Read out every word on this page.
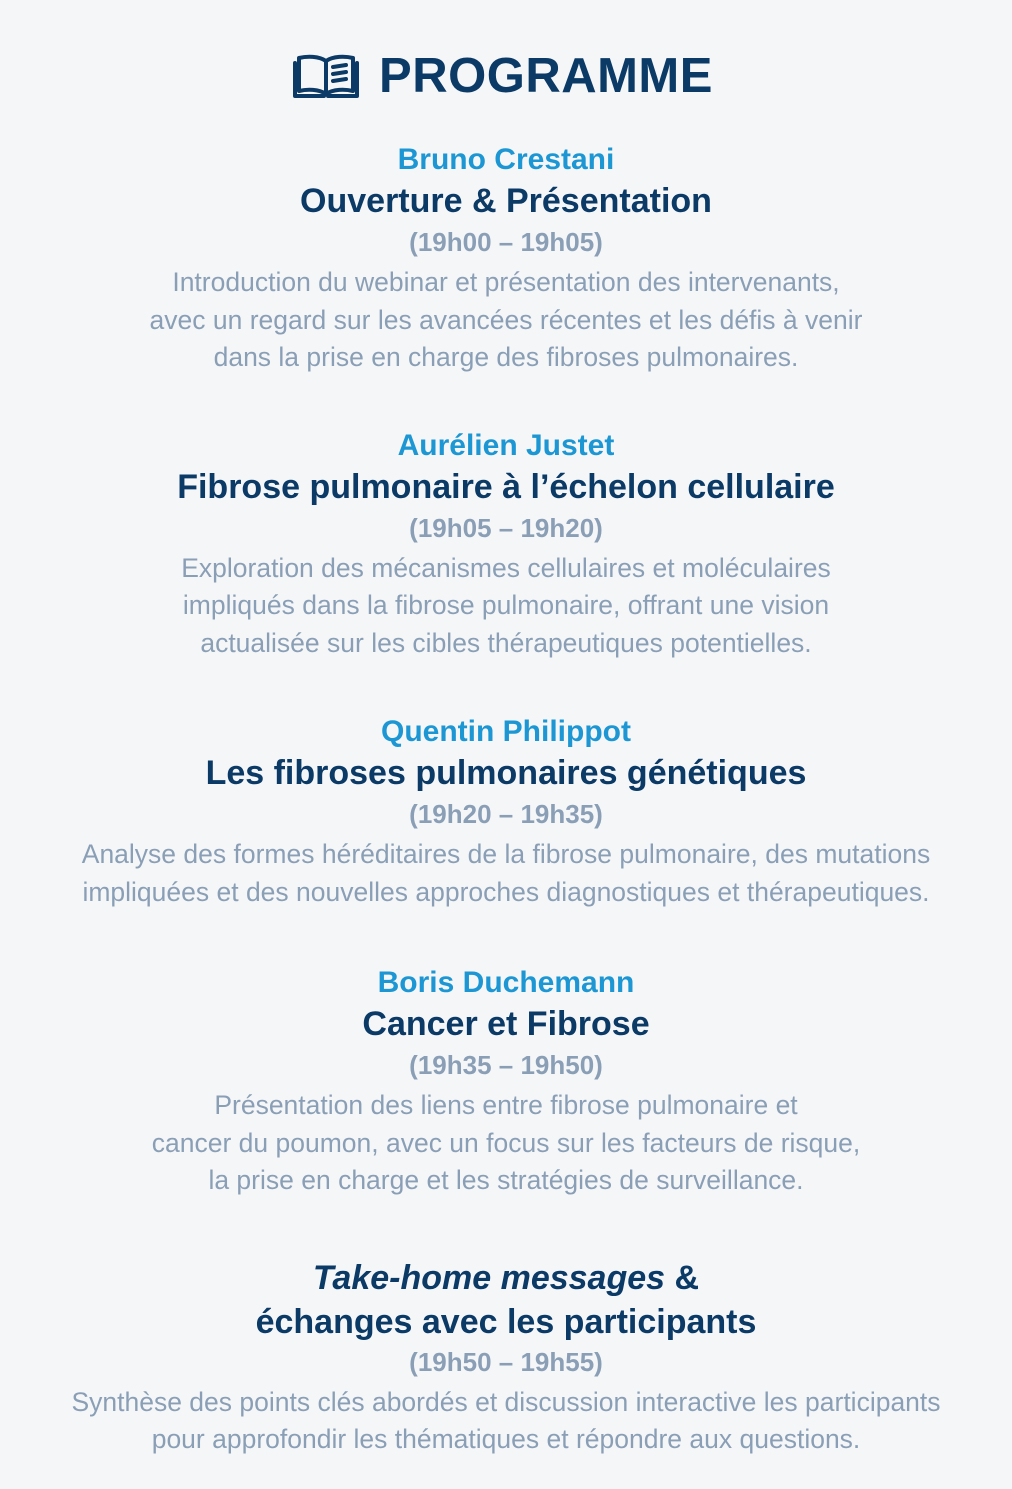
PROGRAMME
Bruno Crestani
Ouverture & Présentation
(19h00 – 19h05)
Introduction du webinar et présentation des intervenants,
avec un regard sur les avancées récentes et les défis à venir
dans la prise en charge des fibroses pulmonaires.
Aurélien Justet
Fibrose pulmonaire à l’échelon cellulaire
(19h05 – 19h20)
Exploration des mécanismes cellulaires et moléculaires
impliqués dans la fibrose pulmonaire, offrant une vision
actualisée sur les cibles thérapeutiques potentielles.
Quentin Philippot
Les fibroses pulmonaires génétiques
(19h20 – 19h35)
Analyse des formes héréditaires de la fibrose pulmonaire, des mutations
impliquées et des nouvelles approches diagnostiques et thérapeutiques.
Boris Duchemann
Cancer et Fibrose
(19h35 – 19h50)
Présentation des liens entre fibrose pulmonaire et
cancer du poumon, avec un focus sur les facteurs de risque,
la prise en charge et les stratégies de surveillance.
Take-home messages &
échanges avec les participants
(19h50 – 19h55)
Synthèse des points clés abordés et discussion interactive les participants
pour approfondir les thématiques et répondre aux questions.
